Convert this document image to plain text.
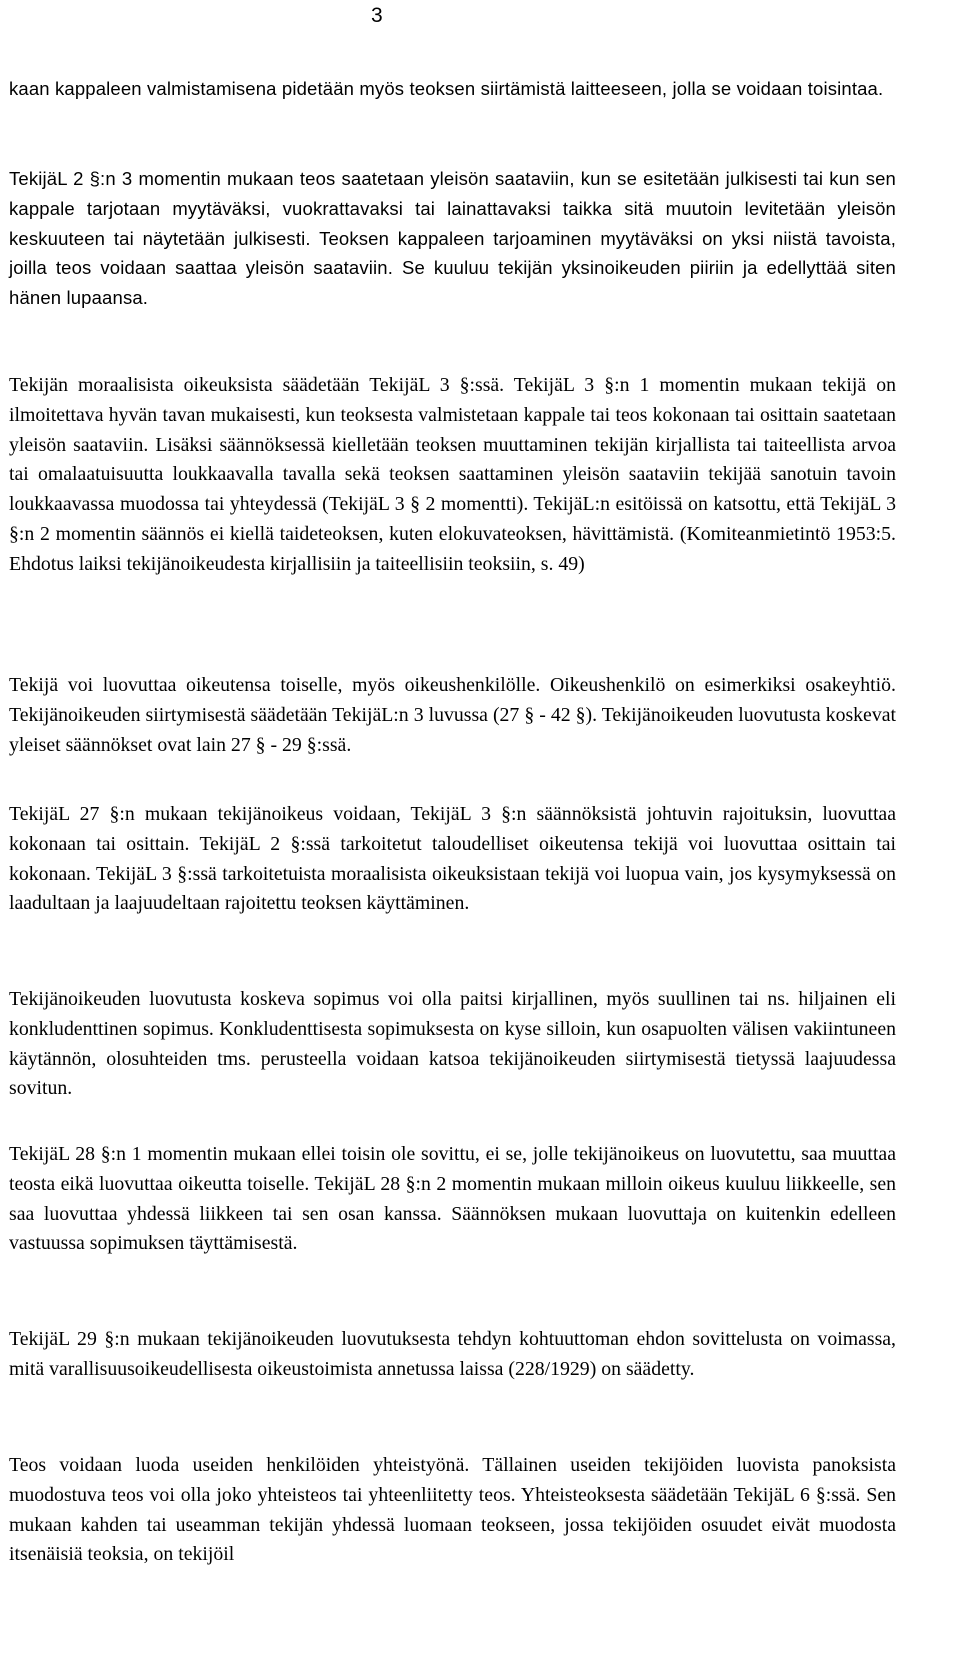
3

kaan kappaleen valmistamisena pidetään myös teoksen siirtämistä laitteeseen, jolla se voidaan toisintaa.

TekijäL 2 §:n 3 momentin mukaan teos saatetaan yleisön saataviin, kun se esitetään julkisesti tai kun sen kappale tarjotaan myytäväksi, vuokrattavaksi tai lainattavaksi taikka sitä muutoin levitetään yleisön keskuuteen tai näytetään julkisesti. Teoksen kappaleen tarjoaminen myytäväksi on yksi niistä tavoista, joilla teos voidaan saattaa yleisön saataviin. Se kuuluu tekijän yksinoikeuden piiriin ja edellyttää siten hänen lupaansa.

Tekijän moraalisista oikeuksista säädetään TekijäL 3 §:ssä. TekijäL 3 §:n 1 momentin mukaan tekijä on ilmoitettava hyvän tavan mukaisesti, kun teoksesta valmistetaan kappale tai teos kokonaan tai osittain saatetaan yleisön saataviin. Lisäksi säännöksessä kielletään teoksen muuttaminen tekijän kirjallista tai taiteellista arvoa tai omalaatuisuutta loukkaavalla tavalla sekä teoksen saattaminen yleisön saataviin tekijää sanotuin tavoin loukkaavassa muodossa tai yhteydessä (TekijäL 3 § 2 momentti). TekijäL:n esitöissä on katsottu, että TekijäL 3 §:n 2 momentin säännös ei kiellä taideteoksen, kuten elokuvateoksen, hävittämistä. (Komiteanmietintö 1953:5. Ehdotus laiksi tekijänoikeudesta kirjallisiin ja taiteellisiin teoksiin, s. 49)

Tekijä voi luovuttaa oikeutensa toiselle, myös oikeushenkilölle. Oikeushenkilö on esimerkiksi osakeyhtiö. Tekijänoikeuden siirtymisestä säädetään TekijäL:n 3 luvussa (27 § - 42 §). Tekijänoikeuden luovutusta koskevat yleiset säännökset ovat lain 27 § - 29 §:ssä.

TekijäL 27 §:n mukaan tekijänoikeus voidaan, TekijäL 3 §:n säännöksistä johtuvin rajoituksin, luovuttaa kokonaan tai osittain. TekijäL 2 §:ssä tarkoitetut taloudelliset oikeutensa tekijä voi luovuttaa osittain tai kokonaan. TekijäL 3 §:ssä tarkoitetuista moraalisista oikeuksistaan tekijä voi luopua vain, jos kysymyksessä on laadultaan ja laajuudeltaan rajoitettu teoksen käyttäminen.

Tekijänoikeuden luovutusta koskeva sopimus voi olla paitsi kirjallinen, myös suullinen tai ns. hiljainen eli konkludenttinen sopimus. Konkludenttisesta sopimuksesta on kyse silloin, kun osapuolten välisen vakiintuneen käytännön, olosuhteiden tms. perusteella voidaan katsoa tekijänoikeuden siirtymisestä tietyssä laajuudessa sovitun.

TekijäL 28 §:n 1 momentin mukaan ellei toisin ole sovittu, ei se, jolle tekijänoikeus on luovutettu, saa muuttaa teosta eikä luovuttaa oikeutta toiselle. TekijäL 28 §:n 2 momentin mukaan milloin oikeus kuuluu liikkeelle, sen saa luovuttaa yhdessä liikkeen tai sen osan kanssa. Säännöksen mukaan luovuttaja on kuitenkin edelleen vastuussa sopimuksen täyttämisestä.

TekijäL 29 §:n mukaan tekijänoikeuden luovutuksesta tehdyn kohtuuttoman ehdon sovittelusta on voimassa, mitä varallisuusoikeudellisesta oikeustoimista annetussa laissa (228/1929) on säädetty.

Teos voidaan luoda useiden henkilöiden yhteistyönä. Tällainen useiden tekijöiden luovista panoksista muodostuva teos voi olla joko yhteisteos tai yhteenliitetty teos. Yhteisteoksesta säädetään TekijäL 6 §:ssä. Sen mukaan kahden tai useamman tekijän yhdessä luomaan teokseen, jossa tekijöiden osuudet eivät muodosta itsenäisiä teoksia, on tekijöil
